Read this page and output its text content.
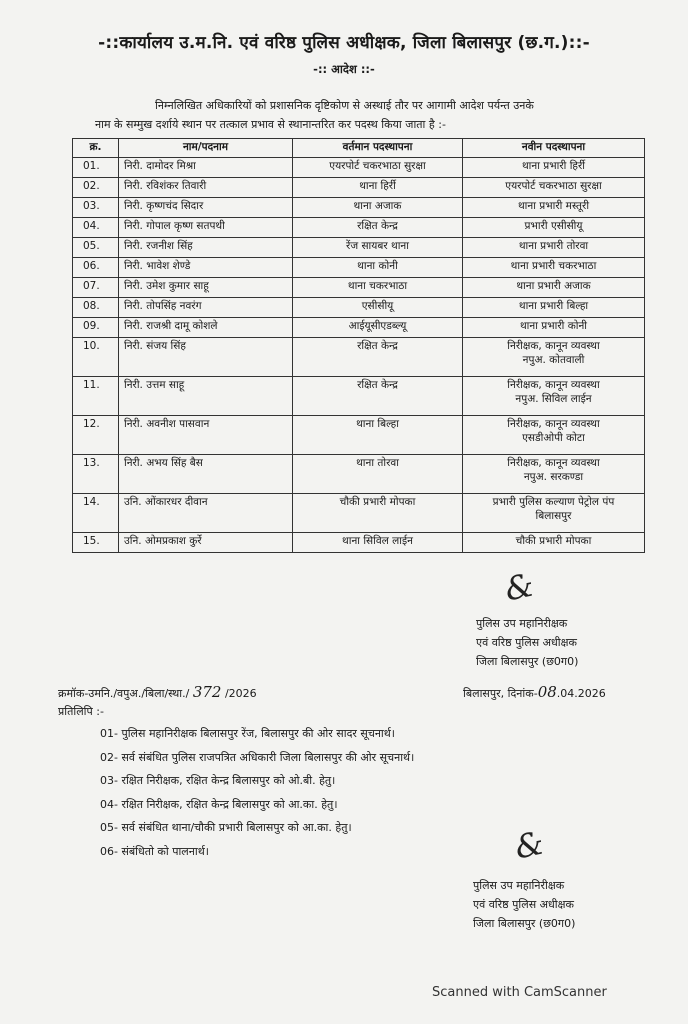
-::कार्यालय उ.म.नि. एवं वरिष्ठ पुलिस अधीक्षक, जिला बिलासपुर (छ.ग.)::-
-:: आदेश ::-
निम्नलिखित अधिकारियों को प्रशासनिक दृष्टिकोण से अस्थाई तौर पर आगामी आदेश पर्यन्त उनके
नाम के सम्मुख दर्शाये स्थान पर तत्काल प्रभाव से स्थानान्तरित कर पदस्थ किया जाता है :-
क्र.	नाम/पदनाम	वर्तमान पदस्थापना	नवीन पदस्थापना
01.	निरी. दामोदर मिश्रा	एयरपोर्ट चकरभाठा सुरक्षा	थाना प्रभारी हिर्री

02.	निरी. रविशंकर तिवारी	थाना हिर्री	एयरपोर्ट चकरभाठा सुरक्षा

03.	निरी. कृष्णचंद सिदार	थाना अजाक	थाना प्रभारी मस्तूरी

04.	निरी. गोपाल कृष्ण सतपथी	रक्षित केन्द्र	प्रभारी एसीसीयू

05.	निरी. रजनीश सिंह	रेंज सायबर थाना	थाना प्रभारी तोरवा

06.	निरी. भावेश शेण्डे	थाना कोनी	थाना प्रभारी चकरभाठा

07.	निरी. उमेश कुमार साहू	थाना चकरभाठा	थाना प्रभारी अजाक

08.	निरी. तोपसिंह नवरंग	एसीसीयू	थाना प्रभारी बिल्हा

09.	निरी. राजश्री दामू कोशले	आईयूसीएडब्ल्यू	थाना प्रभारी कोनी

10.	निरी. संजय सिंह	रक्षित केन्द्र	निरीक्षक, कानून व्यवस्था
नपुअ. कोतवाली

11.	निरी. उत्तम साहू	रक्षित केन्द्र	निरीक्षक, कानून व्यवस्था
नपुअ. सिविल लाईन

12.	निरी. अवनीश पासवान	थाना बिल्हा	निरीक्षक, कानून व्यवस्था
एसडीओपी कोटा

13.	निरी. अभय सिंह बैस	थाना तोरवा	निरीक्षक, कानून व्यवस्था
नपुअ. सरकण्डा

14.	उनि. ओंकारधर दीवान	चौकी प्रभारी मोपका	प्रभारी पुलिस कल्याण पेट्रोल पंप
बिलासपुर

15.	उनि. ओमप्रकाश कुर्रे	थाना सिविल लाईन	चौकी प्रभारी मोपका
&
पुलिस उप महानिरीक्षक
एवं वरिष्ठ पुलिस अधीक्षक
जिला बिलासपुर (छ0ग0)
क्रमॉक-उमनि./वपुअ./बिला/स्था./ 372 /2026	बिलासपुर, दिनांक-08.04.2026
प्रतिलिपि :-
01- पुलिस महानिरीक्षक बिलासपुर रेंज, बिलासपुर की ओर सादर सूचनार्थ।
02- सर्व संबंधित पुलिस राजपत्रित अधिकारी जिला बिलासपुर की ओर सूचनार्थ।
03- रक्षित निरीक्षक, रक्षित केन्द्र बिलासपुर को ओ.बी. हेतु।
04- रक्षित निरीक्षक, रक्षित केन्द्र बिलासपुर को आ.का. हेतु।
05- सर्व संबंधित थाना/चौकी प्रभारी बिलासपुर को आ.का. हेतु।
06- संबंधितो को पालनार्थ।	&
पुलिस उप महानिरीक्षक
एवं वरिष्ठ पुलिस अधीक्षक
जिला बिलासपुर (छ0ग0)
Scanned with CamScanner
